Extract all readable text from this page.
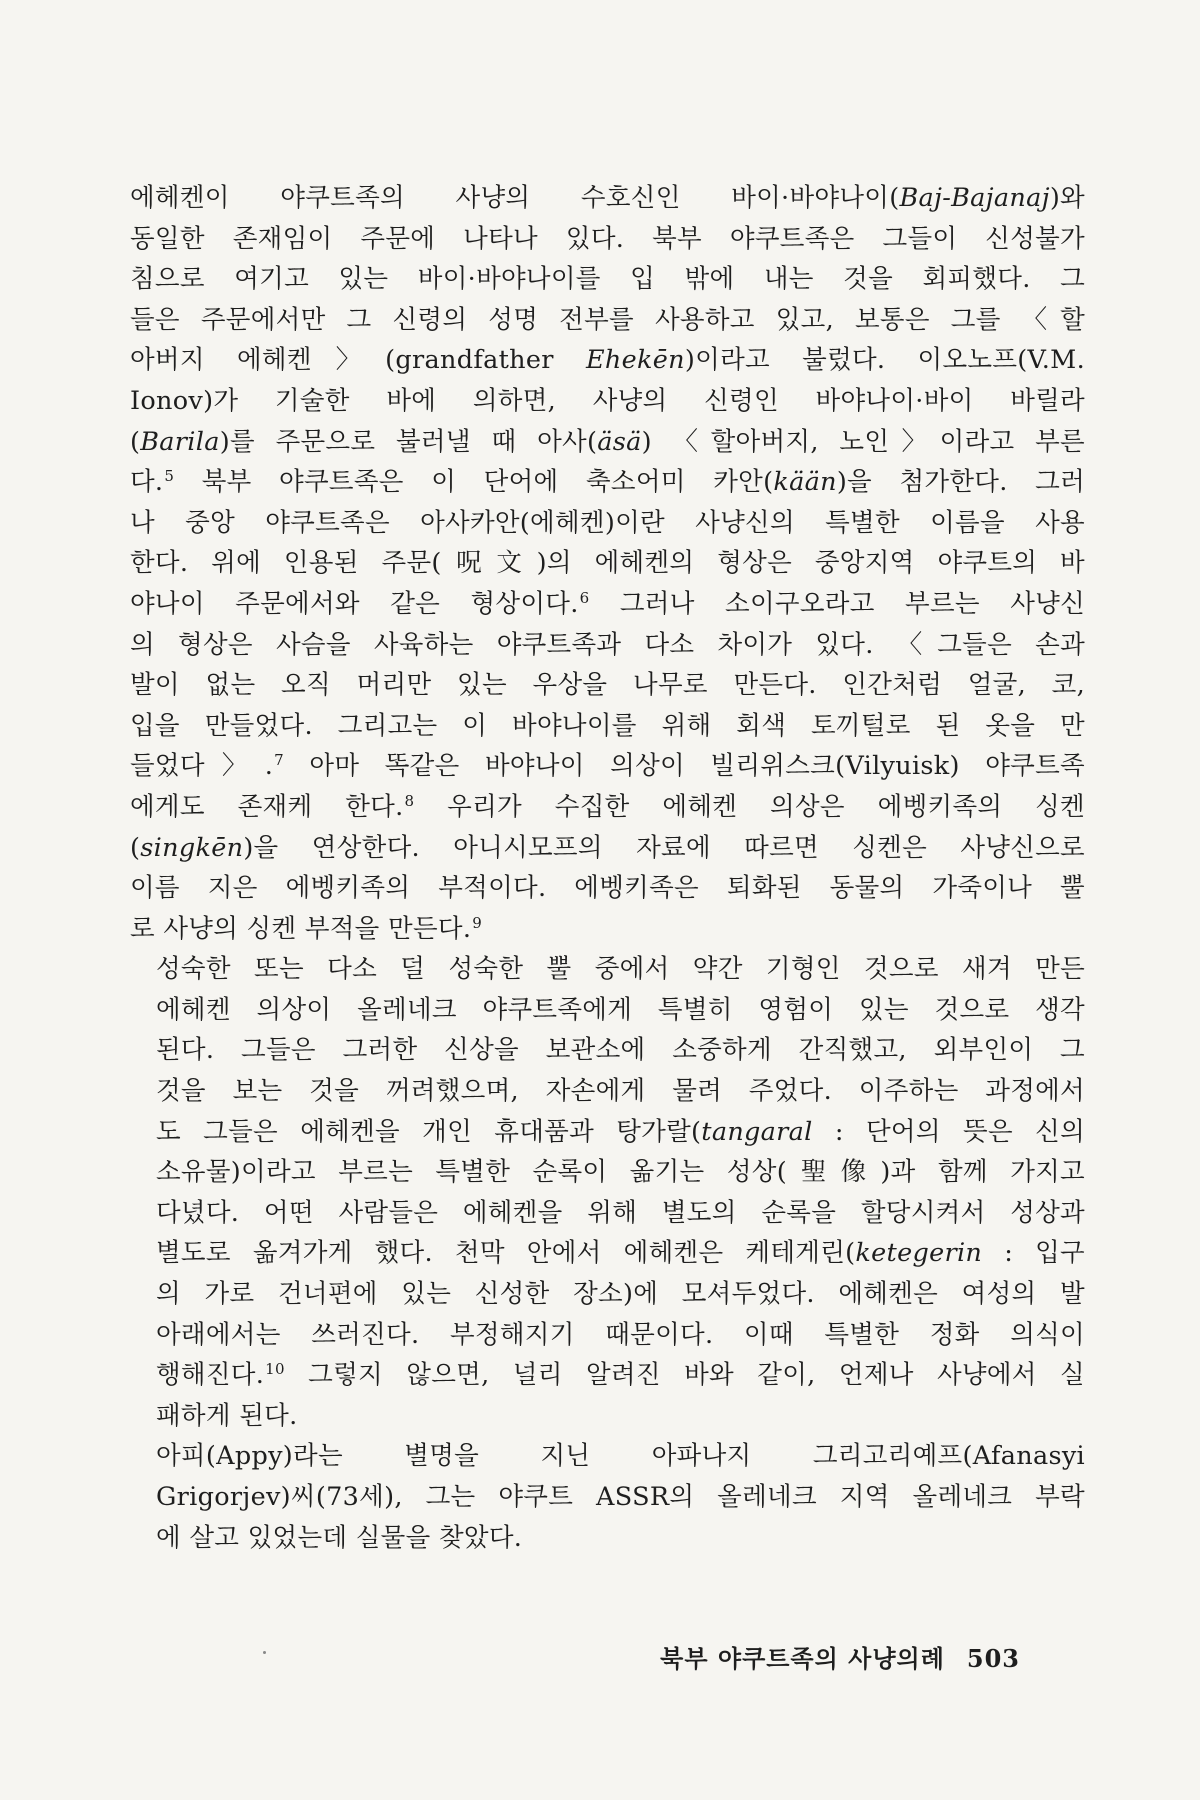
에헤켄이 야쿠트족의 사냥의 수호신인 바이·바야나이(Baj-Bajanaj)와
동일한 존재임이 주문에 나타나 있다. 북부 야쿠트족은 그들이 신성불가
침으로 여기고 있는 바이·바야나이를 입 밖에 내는 것을 회피했다. 그
들은 주문에서만 그 신령의 성명 전부를 사용하고 있고, 보통은 그를 〈할
아버지 에헤켄〉(grandfather Ehekēn)이라고 불렀다. 이오노프(V.M.
Ionov)가 기술한 바에 의하면, 사냥의 신령인 바야나이·바이 바릴라
(Barila)를 주문으로 불러낼 때 아사(äsä) 〈할아버지, 노인〉이라고 부른
다.$^5$ 북부 야쿠트족은 이 단어에 축소어미 카안(kään)을 첨가한다. 그러
나 중앙 야쿠트족은 아사카안(에헤켄)이란 사냥신의 특별한 이름을 사용
한다. 위에 인용된 주문(呪文)의 에헤켄의 형상은 중앙지역 야쿠트의 바
야나이 주문에서와 같은 형상이다.$^6$ 그러나 소이구오라고 부르는 사냥신
의 형상은 사슴을 사육하는 야쿠트족과 다소 차이가 있다. 〈그들은 손과
발이 없는 오직 머리만 있는 우상을 나무로 만든다. 인간처럼 얼굴, 코,
입을 만들었다. 그리고는 이 바야나이를 위해 회색 토끼털로 된 옷을 만
들었다〉.$^7$ 아마 똑같은 바야나이 의상이 빌리위스크(Vilyuisk) 야쿠트족
에게도 존재케 한다.$^8$ 우리가 수집한 에헤켄 의상은 에벵키족의 싱켄
(singkēn)을 연상한다. 아니시모프의 자료에 따르면 싱켄은 사냥신으로
이름 지은 에벵키족의 부적이다. 에벵키족은 퇴화된 동물의 가죽이나 뿔
로 사냥의 싱켄 부적을 만든다.$^9$
성숙한 또는 다소 덜 성숙한 뿔 중에서 약간 기형인 것으로 새겨 만든
에헤켄 의상이 올레네크 야쿠트족에게 특별히 영험이 있는 것으로 생각
된다. 그들은 그러한 신상을 보관소에 소중하게 간직했고, 외부인이 그
것을 보는 것을 꺼려했으며, 자손에게 물려 주었다. 이주하는 과정에서
도 그들은 에헤켄을 개인 휴대품과 탕가랄(tangaral : 단어의 뜻은 신의
소유물)이라고 부르는 특별한 순록이 옮기는 성상(聖像)과 함께 가지고
다녔다. 어떤 사람들은 에헤켄을 위해 별도의 순록을 할당시켜서 성상과
별도로 옮겨가게 했다. 천막 안에서 에헤켄은 케테게린(ketegerin : 입구
의 가로 건너편에 있는 신성한 장소)에 모셔두었다. 에헤켄은 여성의 발
아래에서는 쓰러진다. 부정해지기 때문이다. 이때 특별한 정화 의식이
행해진다.$^{10}$ 그렇지 않으면, 널리 알려진 바와 같이, 언제나 사냥에서 실
패하게 된다.
아피(Appy)라는 별명을 지닌 아파나지 그리고리예프(Afanasyi
Grigorjev)씨(73세), 그는 야쿠트 ASSR의 올레네크 지역 올레네크 부락
에 살고 있었는데 실물을 찾았다.
북부 야쿠트족의 사냥의례 503
